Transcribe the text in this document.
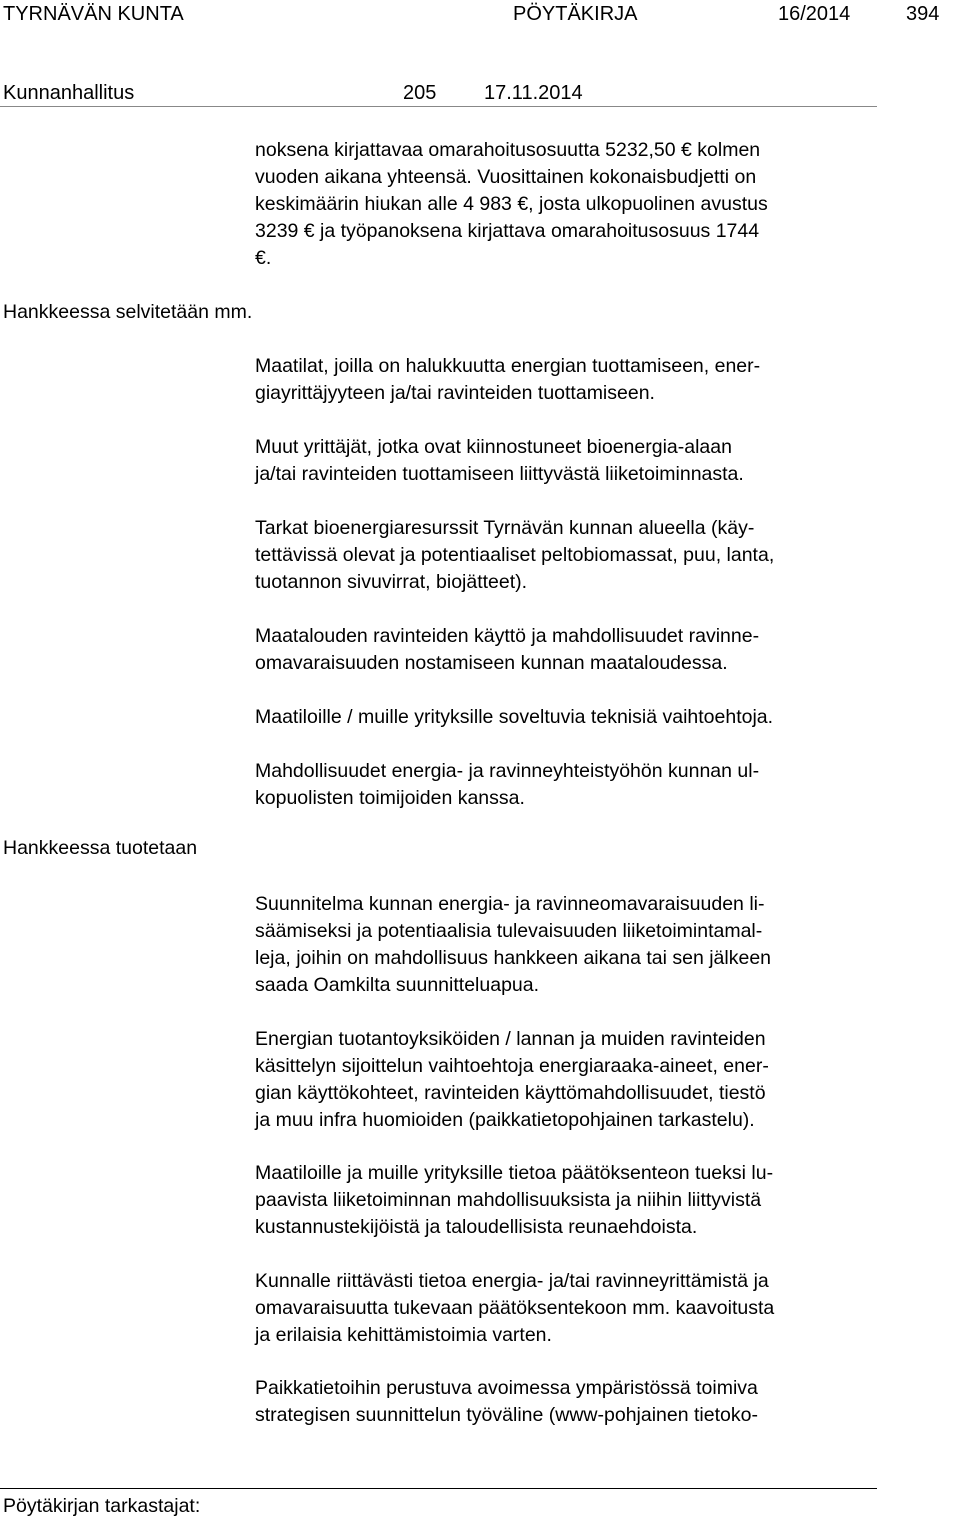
TYRNÄVÄN KUNTA	PÖYTÄKIRJA	16/2014	394
Kunnanhallitus	205 17.11.2014
Hankkeessa selvitetään mm.
Hankkeessa tuotetaan
noksena kirjattavaa omarahoitusosuutta 5232,50 € kolmen
vuoden aikana yhteensä. Vuosittainen kokonaisbudjetti on
keskimäärin hiukan alle 4 983 €, josta ulkopuolinen avustus
3239 € ja työpanoksena kirjattava omarahoitusosuus 1744
€.
Maatilat, joilla on halukkuutta energian tuottamiseen, ener-
giayrittäjyyteen ja/tai ravinteiden tuottamiseen.
Muut yrittäjät, jotka ovat kiinnostuneet bioenergia-alaan
ja/tai ravinteiden tuottamiseen liittyvästä liiketoiminnasta.
Tarkat bioenergiaresurssit Tyrnävän kunnan alueella (käy-
tettävissä olevat ja potentiaaliset peltobiomassat, puu, lanta,
tuotannon sivuvirrat, biojätteet).
Maatalouden ravinteiden käyttö ja mahdollisuudet ravinne-
omavaraisuuden nostamiseen kunnan maataloudessa.
Maatiloille / muille yrityksille soveltuvia teknisiä vaihtoehtoja.
Mahdollisuudet energia- ja ravinneyhteistyöhön kunnan ul-
kopuolisten toimijoiden kanssa.
Suunnitelma kunnan energia- ja ravinneomavaraisuuden li-
säämiseksi ja potentiaalisia tulevaisuuden liiketoimintamal-
leja, joihin on mahdollisuus hankkeen aikana tai sen jälkeen
saada Oamkilta suunnitteluapua.
Energian tuotantoyksiköiden / lannan ja muiden ravinteiden
käsittelyn sijoittelun vaihtoehtoja energiaraaka-aineet, ener-
gian käyttökohteet, ravinteiden käyttömahdollisuudet, tiestö
ja muu infra huomioiden (paikkatietopohjainen tarkastelu).
Maatiloille ja muille yrityksille tietoa päätöksenteon tueksi lu-
paavista liiketoiminnan mahdollisuuksista ja niihin liittyvistä
kustannustekijöistä ja taloudellisista reunaehdoista.
Kunnalle riittävästi tietoa energia- ja/tai ravinneyrittämistä ja
omavaraisuutta tukevaan päätöksentekoon mm. kaavoitusta
ja erilaisia kehittämistoimia varten.
Paikkatietoihin perustuva avoimessa ympäristössä toimiva
strategisen suunnittelun työväline (www-pohjainen tietoko-
Pöytäkirjan tarkastajat:
